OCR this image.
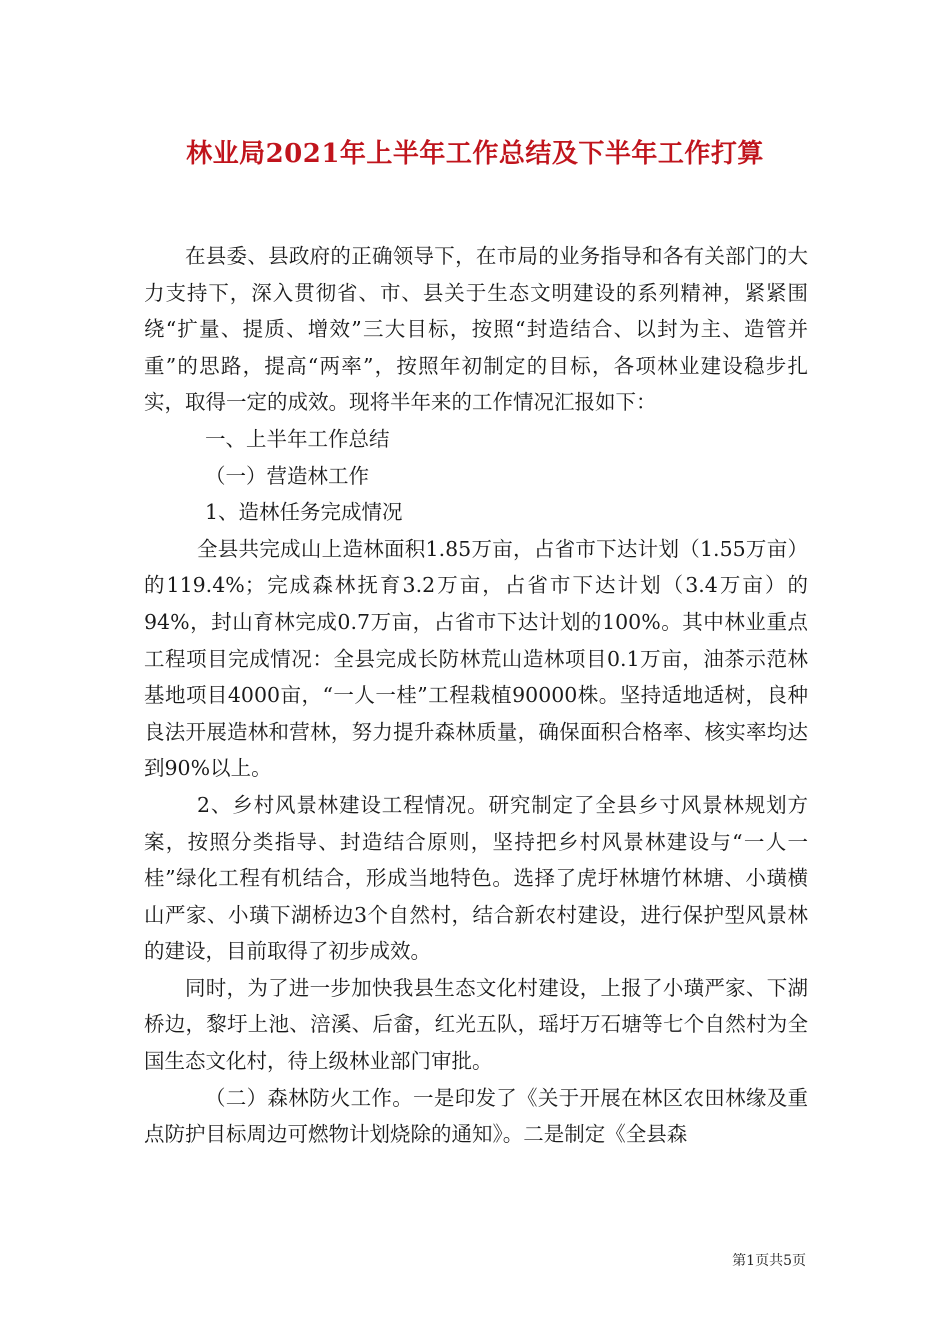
林业局2021年上半年工作总结及下半年工作打算

在县委、县政府的正确领导下，在市局的业务指导和各有关部门的大力支持下，深入贯彻省、市、县关于生态文明建设的系列精神，紧紧围绕“扩量、提质、增效”三大目标，按照“封造结合、以封为主、造管并重”的思路，提高“两率”，按照年初制定的目标，各项林业建设稳步扎实，取得一定的成效。现将半年来的工作情况汇报如下：

一、上半年工作总结

（一）营造林工作

1、造林任务完成情况

全县共完成山上造林面积1.85万亩，占省市下达计划（1.55万亩）的119.4%；完成森林抚育3.2万亩，占省市下达计划（3.4万亩）的94%，封山育林完成0.7万亩，占省市下达计划的100%。其中林业重点工程项目完成情况：全县完成长防林荒山造林项目0.1万亩，油茶示范林基地项目4000亩，“一人一桂”工程栽植90000株。坚持适地适树，良种良法开展造林和营林，努力提升森林质量，确保面积合格率、核实率均达到90%以上。

2、乡村风景林建设工程情况。研究制定了全县乡寸风景林规划方案，按照分类指导、封造结合原则，坚持把乡村风景林建设与“一人一桂”绿化工程有机结合，形成当地特色。选择了虎圩林塘竹林塘、小璜横山严家、小璜下湖桥边3个自然村，结合新农村建设，进行保护型风景林的建设，目前取得了初步成效。

同时，为了进一步加快我县生态文化村建设，上报了小璜严家、下湖桥边，黎圩上池、涪溪、后畲，红光五队，瑶圩万石塘等七个自然村为全国生态文化村，待上级林业部门审批。

（二）森林防火工作。一是印发了《关于开展在林区农田林缘及重点防护目标周边可燃物计划烧除的通知》。二是制定《全县森

第1页共5页
